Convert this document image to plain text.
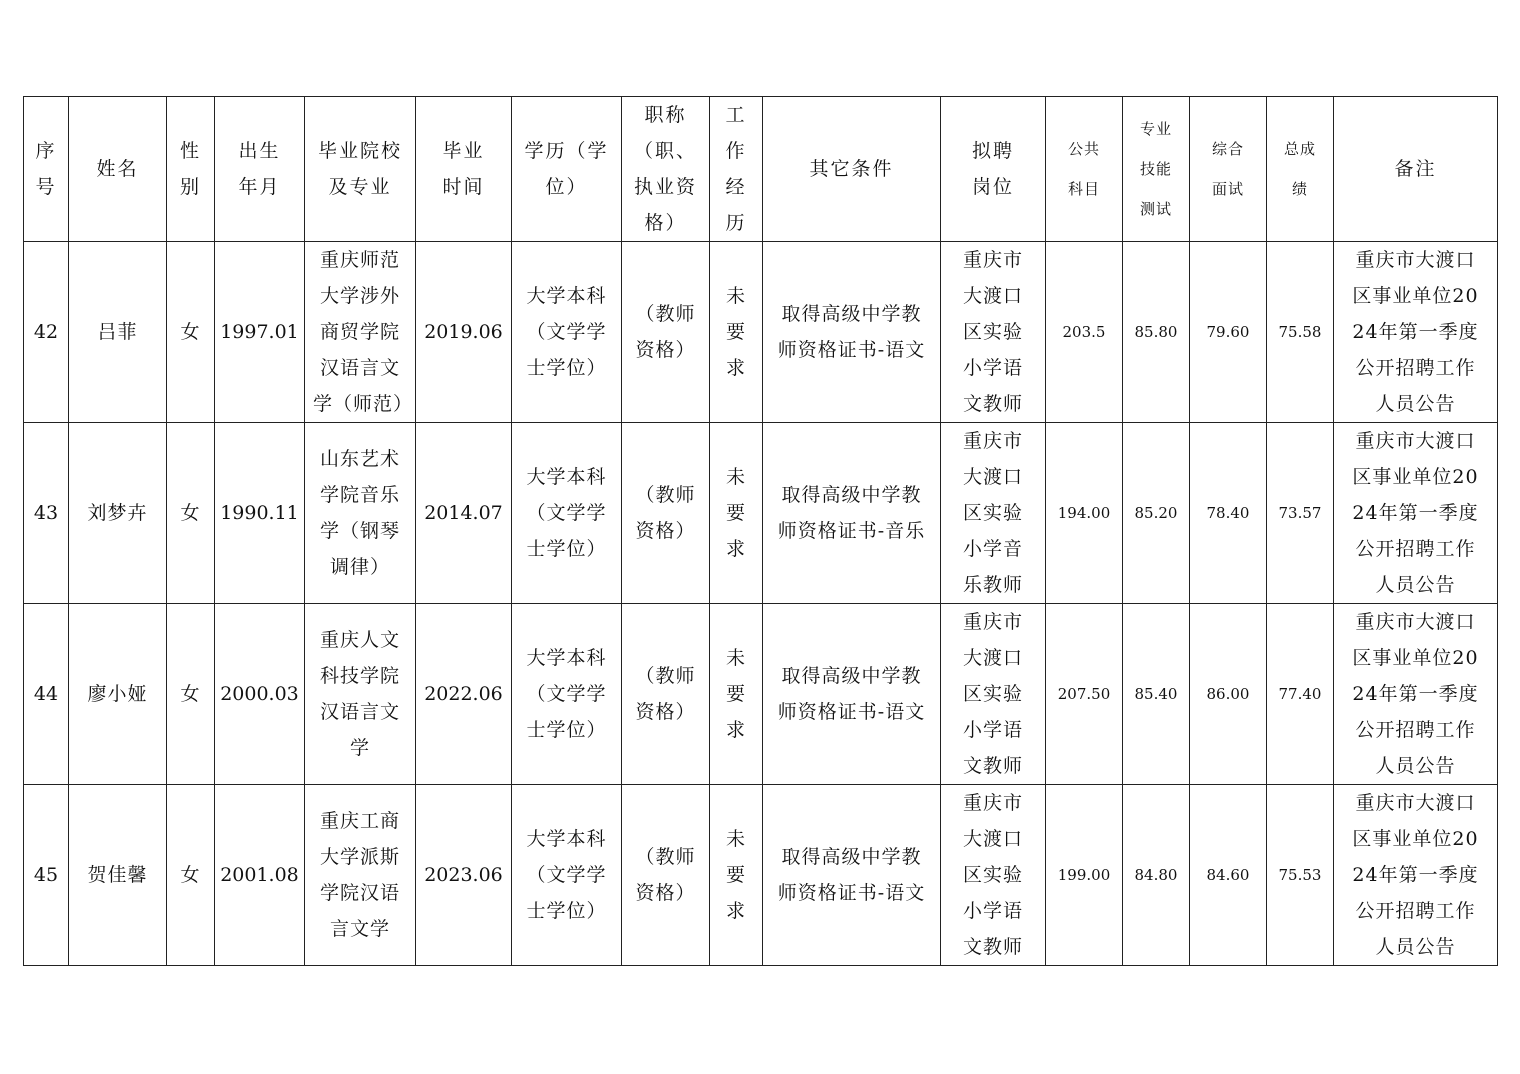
序号	姓名	性别	出生年月	毕业院校及专业	毕业时间	学历（学位）	职称（职、执业资格）	工作经历	其它条件	拟聘岗位	公共科目	专业技能测试	综合面试	总成绩	备注
42	吕菲	女	1997.01	重庆师范大学涉外商贸学院汉语言文学（师范）	2019.06	大学本科（文学学士学位）	（教师资格）	未要求	取得高级中学教师资格证书-语文	重庆市大渡口区实验小学语文教师	203.5	85.80	79.60	75.58	重庆市大渡口区事业单位2024年第一季度公开招聘工作人员公告

43	刘梦卉	女	1990.11	山东艺术学院音乐学（钢琴调律）	2014.07	大学本科（文学学士学位）	（教师资格）	未要求	取得高级中学教师资格证书-音乐	重庆市大渡口区实验小学音乐教师	194.00	85.20	78.40	73.57	重庆市大渡口区事业单位2024年第一季度公开招聘工作人员公告

44	廖小娅	女	2000.03	重庆人文科技学院汉语言文学	2022.06	大学本科（文学学士学位）	（教师资格）	未要求	取得高级中学教师资格证书-语文	重庆市大渡口区实验小学语文教师	207.50	85.40	86.00	77.40	重庆市大渡口区事业单位2024年第一季度公开招聘工作人员公告

45	贺佳馨	女	2001.08	重庆工商大学派斯学院汉语言文学	2023.06	大学本科（文学学士学位）	（教师资格）	未要求	取得高级中学教师资格证书-语文	重庆市大渡口区实验小学语文教师	199.00	84.80	84.60	75.53	重庆市大渡口区事业单位2024年第一季度公开招聘工作人员公告
